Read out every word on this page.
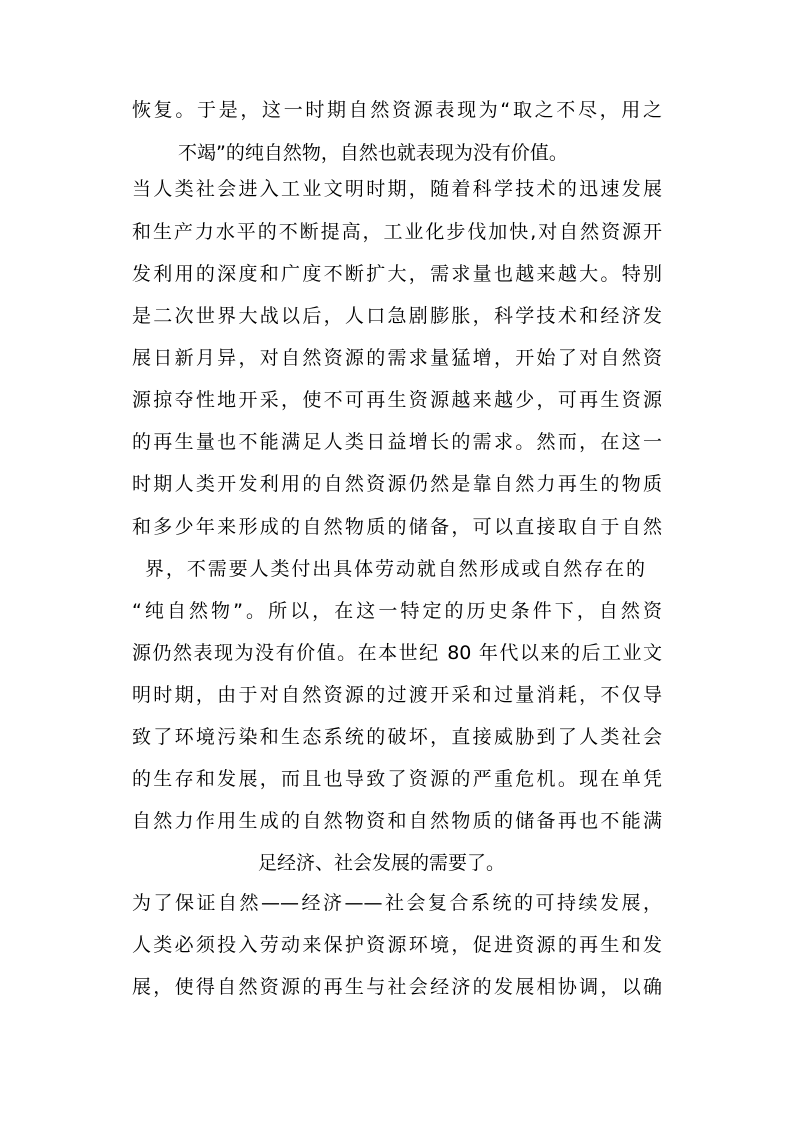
恢复。于是，这一时期自然资源表现为“取之不尽，用之
不竭”的纯自然物，自然也就表现为没有价值。
当人类社会进入工业文明时期，随着科学技术的迅速发展
和生产力水平的不断提高，工业化步伐加快,对自然资源开
发利用的深度和广度不断扩大，需求量也越来越大。特别
是二次世界大战以后，人口急剧膨胀，科学技术和经济发
展日新月异，对自然资源的需求量猛增，开始了对自然资
源掠夺性地开采，使不可再生资源越来越少，可再生资源
的再生量也不能满足人类日益增长的需求。然而，在这一
时期人类开发利用的自然资源仍然是靠自然力再生的物质
和多少年来形成的自然物质的储备，可以直接取自于自然
界，不需要人类付出具体劳动就自然形成或自然存在的
“纯自然物”。所以，在这一特定的历史条件下，自然资
源仍然表现为没有价值。在本世纪 80 年代以来的后工业文
明时期，由于对自然资源的过渡开采和过量消耗，不仅导
致了环境污染和生态系统的破坏，直接威胁到了人类社会
的生存和发展，而且也导致了资源的严重危机。现在单凭
自然力作用生成的自然物资和自然物质的储备再也不能满
足经济、社会发展的需要了。
为了保证自然——经济——社会复合系统的可持续发展，
人类必须投入劳动来保护资源环境，促进资源的再生和发
展，使得自然资源的再生与社会经济的发展相协调，以确
